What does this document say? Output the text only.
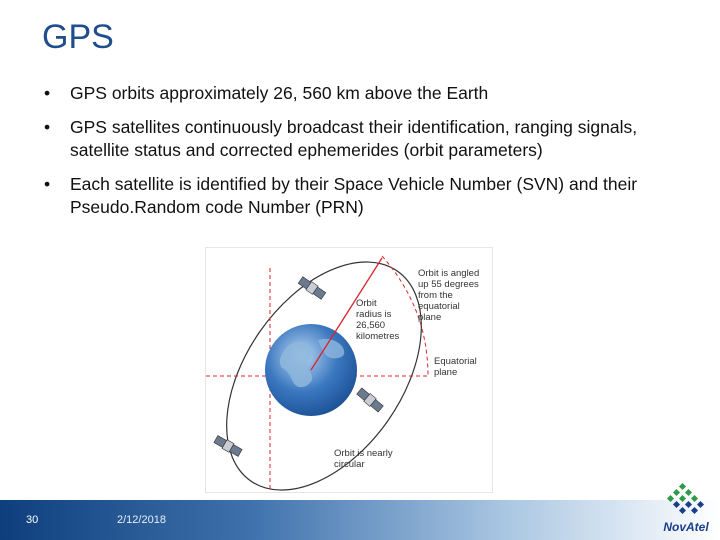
GPS
• GPS orbits approximately 26, 560 km above the Earth
• GPS satellites continuously broadcast their identification, ranging signals, satellite status and corrected ephemerides (orbit parameters)
• Each satellite is identified by their Space Vehicle Number (SVN) and their Pseudo.Random code Number (PRN)
Orbit is angled
up 55 degrees
from the
equatorial
plane
Orbit
radius is
26,560
kilometres
Equatorial
plane
Orbit is nearly
circular
30	2/12/2018	NovAtel
